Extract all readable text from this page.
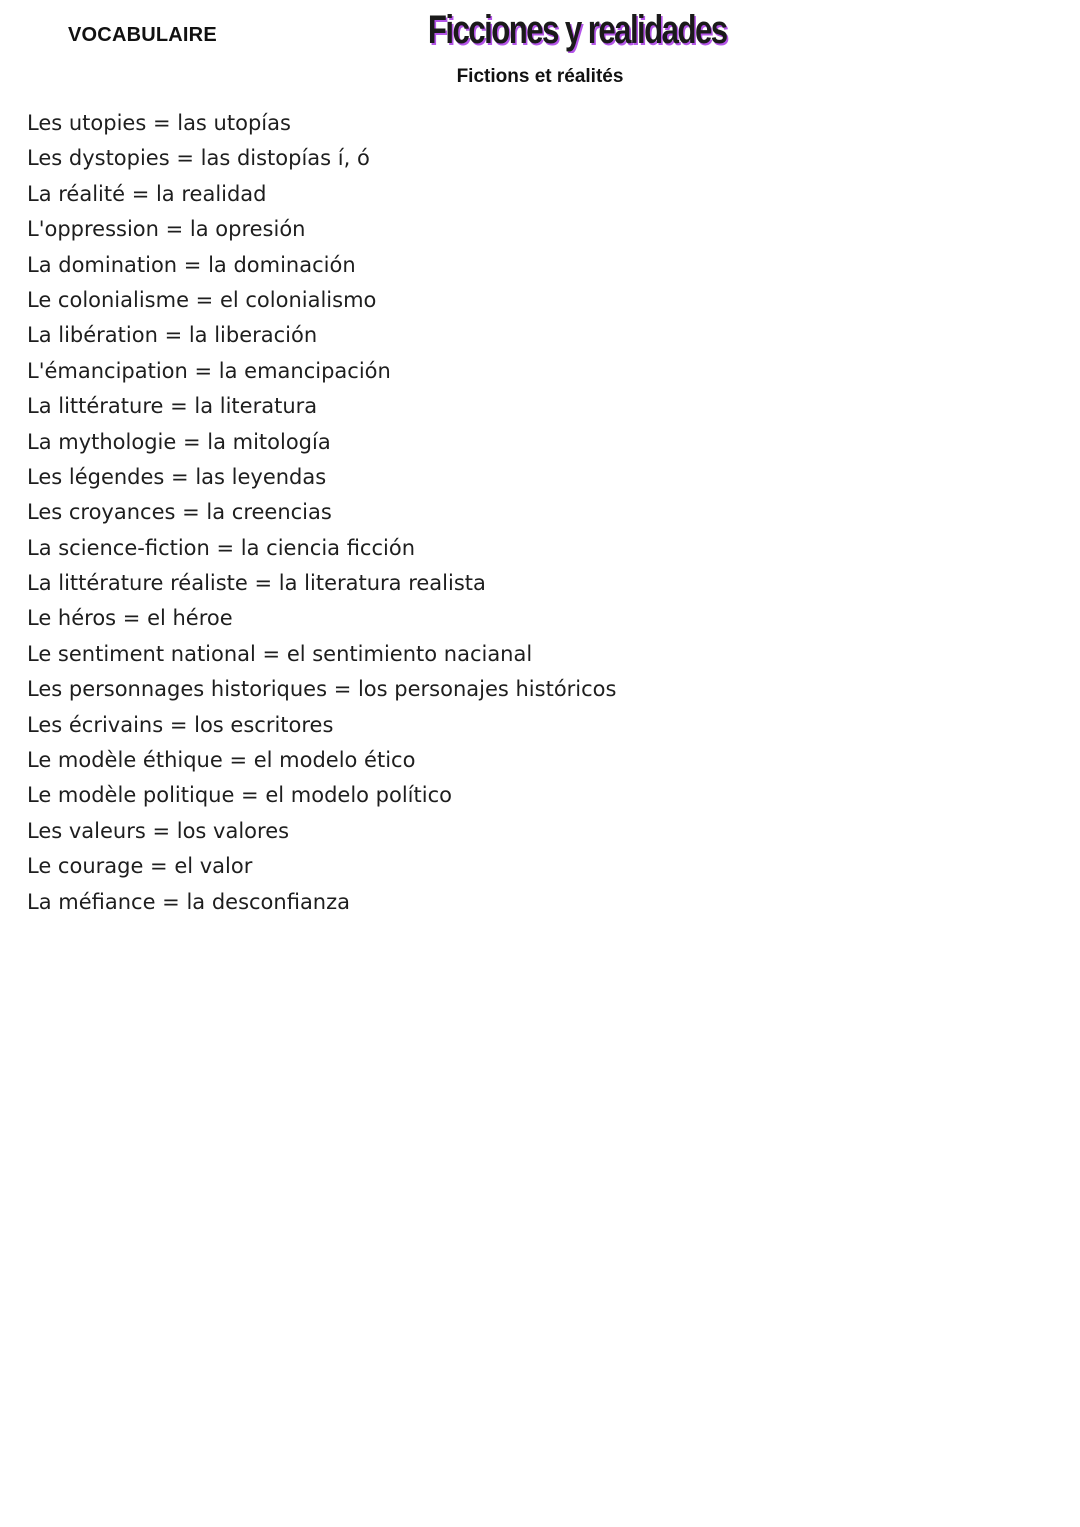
VOCABULAIRE	Ficciones y realidades
Fictions et réalités
Les utopies = las utopías
Les dystopies = las distopías í, ó
La réalité = la realidad
L'oppression = la opresión
La domination = la dominación
Le colonialisme = el colonialismo
La libération = la liberación
L'émancipation = la emancipación
La littérature = la literatura
La mythologie = la mitología
Les légendes = las leyendas
Les croyances = la creencias
La science-fiction = la ciencia ficción
La littérature réaliste = la literatura realista
Le héros = el héroe
Le sentiment national = el sentimiento nacianal
Les personnages historiques = los personajes históricos
Les écrivains = los escritores
Le modèle éthique = el modelo ético
Le modèle politique = el modelo político
Les valeurs = los valores
Le courage = el valor
La méfiance = la desconfianza
